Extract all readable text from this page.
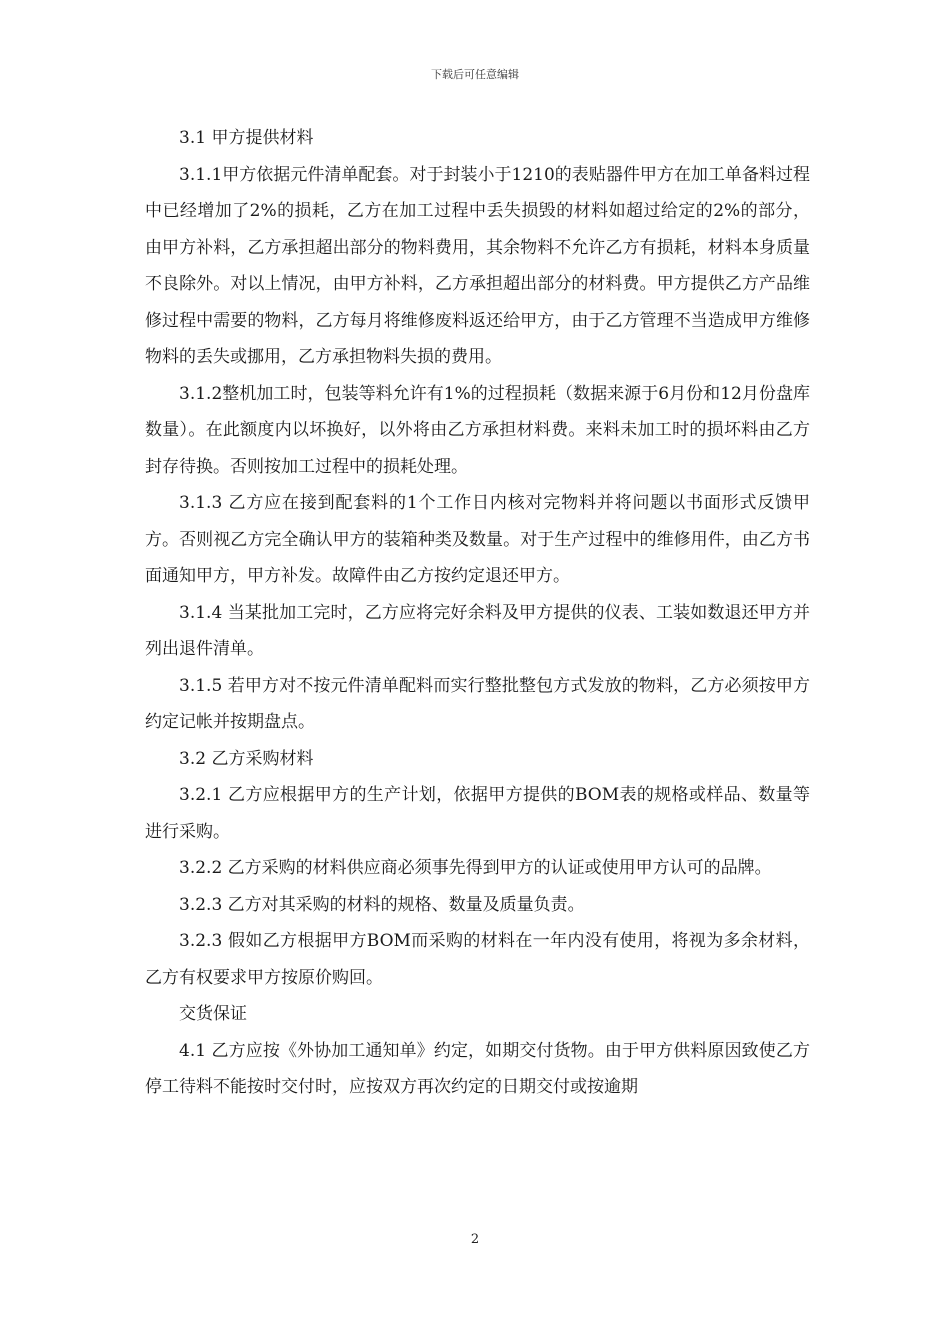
下载后可任意编辑

3.1 甲方提供材料

3.1.1甲方依据元件清单配套。对于封装小于1210的表贴器件甲方在加工单备料过程中已经增加了2%的损耗，乙方在加工过程中丢失损毁的材料如超过给定的2%的部分，由甲方补料，乙方承担超出部分的物料费用，其余物料不允许乙方有损耗，材料本身质量不良除外。对以上情况，由甲方补料，乙方承担超出部分的材料费。甲方提供乙方产品维修过程中需要的物料，乙方每月将维修废料返还给甲方，由于乙方管理不当造成甲方维修物料的丢失或挪用，乙方承担物料失损的费用。

3.1.2整机加工时，包装等料允许有1%的过程损耗（数据来源于6月份和12月份盘库数量）。在此额度内以坏换好，以外将由乙方承担材料费。来料未加工时的损坏料由乙方封存待换。否则按加工过程中的损耗处理。

3.1.3 乙方应在接到配套料的1个工作日内核对完物料并将问题以书面形式反馈甲方。否则视乙方完全确认甲方的装箱种类及数量。对于生产过程中的维修用件，由乙方书面通知甲方，甲方补发。故障件由乙方按约定退还甲方。

3.1.4 当某批加工完时，乙方应将完好余料及甲方提供的仪表、工装如数退还甲方并列出退件清单。

3.1.5 若甲方对不按元件清单配料而实行整批整包方式发放的物料，乙方必须按甲方约定记帐并按期盘点。

3.2 乙方采购材料

3.2.1 乙方应根据甲方的生产计划，依据甲方提供的BOM表的规格或样品、数量等进行采购。

3.2.2 乙方采购的材料供应商必须事先得到甲方的认证或使用甲方认可的品牌。

3.2.3 乙方对其采购的材料的规格、数量及质量负责。

3.2.3 假如乙方根据甲方BOM而采购的材料在一年内没有使用，将视为多余材料，乙方有权要求甲方按原价购回。

交货保证

4.1 乙方应按《外协加工通知单》约定，如期交付货物。由于甲方供料原因致使乙方停工待料不能按时交付时，应按双方再次约定的日期交付或按逾期

2
